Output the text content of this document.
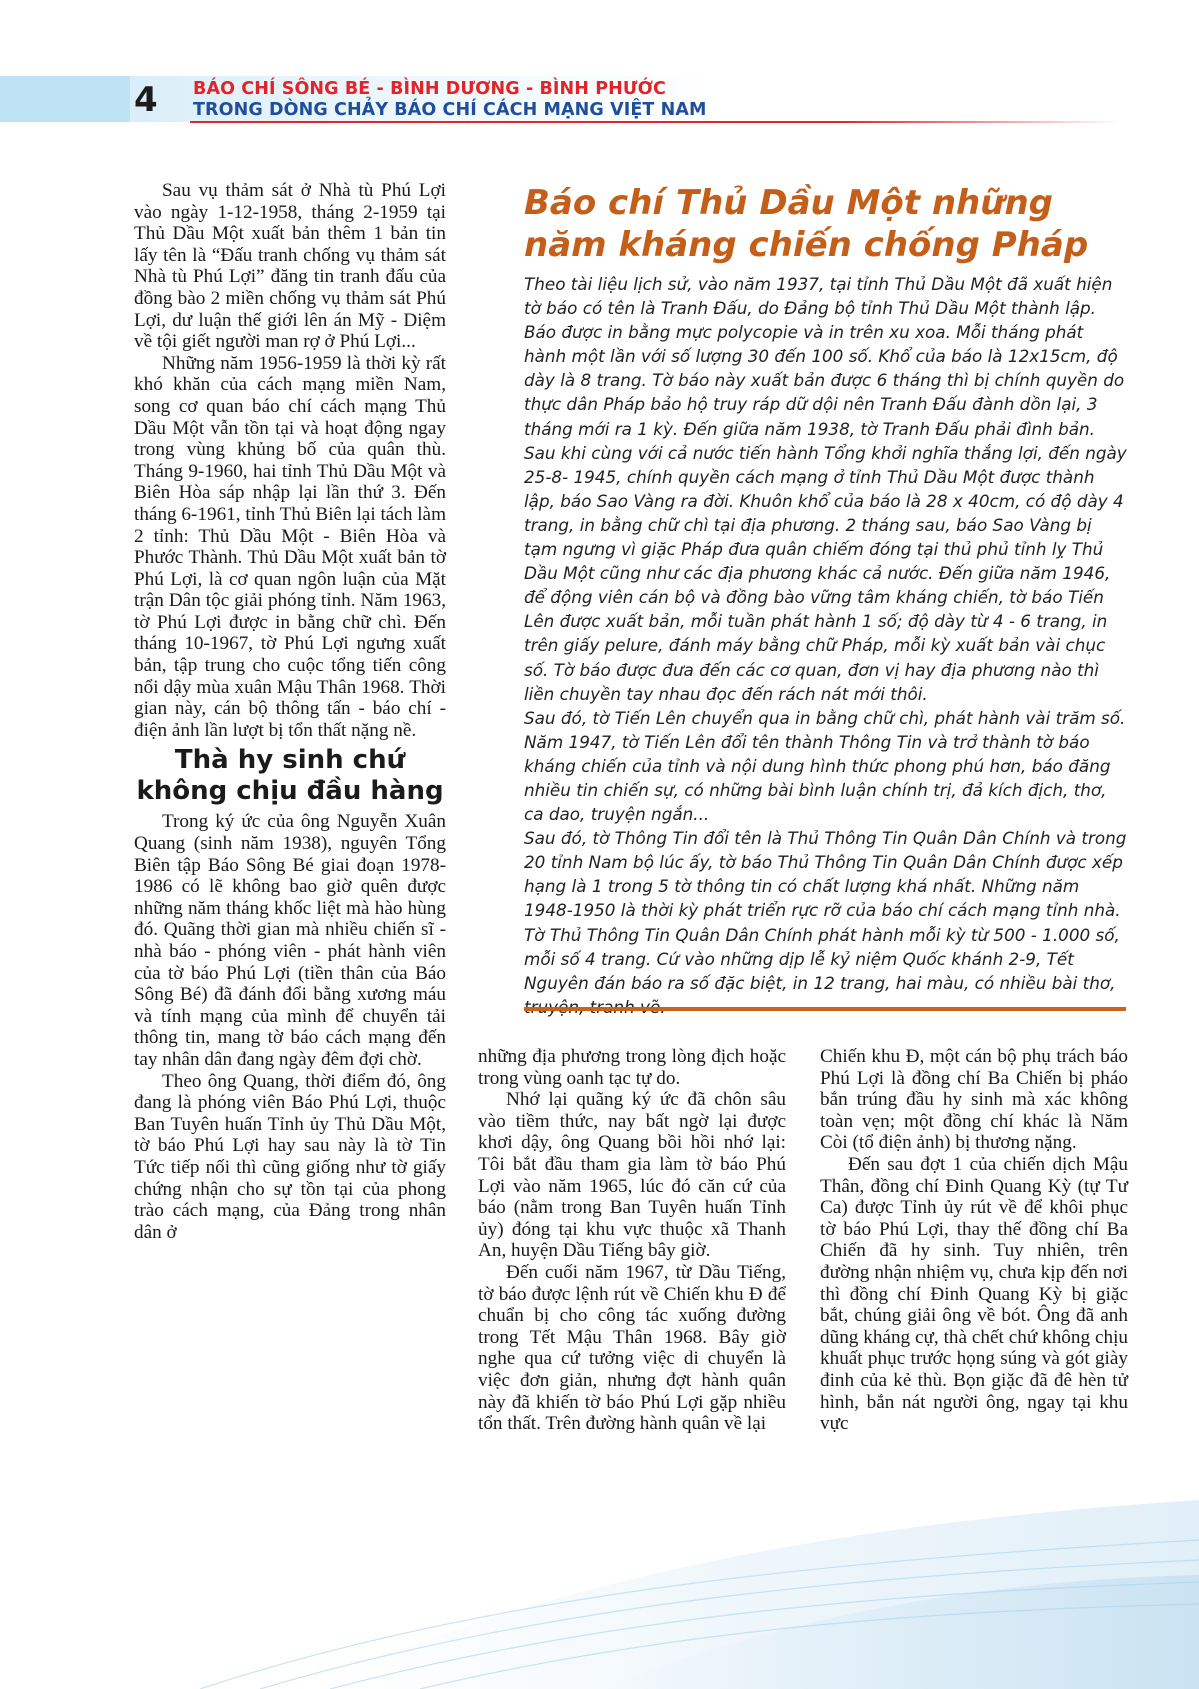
4	BÁO CHÍ SÔNG BÉ - BÌNH DƯƠNG - BÌNH PHƯỚC
TRONG DÒNG CHẢY BÁO CHÍ CÁCH MẠNG VIỆT NAM

Sau vụ thảm sát ở Nhà tù Phú Lợi vào ngày 1-12-1958, tháng 2-1959 tại Thủ Dầu Một xuất bản thêm 1 bản tin lấy tên là “Đấu tranh chống vụ thảm sát Nhà tù Phú Lợi” đăng tin tranh đấu của đồng bào 2 miền chống vụ thảm sát Phú Lợi, dư luận thế giới lên án Mỹ - Diệm về tội giết người man rợ ở Phú Lợi...

Những năm 1956-1959 là thời kỳ rất khó khăn của cách mạng miền Nam, song cơ quan báo chí cách mạng Thủ Dầu Một vẫn tồn tại và hoạt động ngay trong vùng khủng bố của quân thù. Tháng 9-1960, hai tỉnh Thủ Dầu Một và Biên Hòa sáp nhập lại lần thứ 3. Đến tháng 6-1961, tỉnh Thủ Biên lại tách làm 2 tỉnh: Thủ Dầu Một - Biên Hòa và Phước Thành. Thủ Dầu Một xuất bản tờ Phú Lợi, là cơ quan ngôn luận của Mặt trận Dân tộc giải phóng tỉnh. Năm 1963, tờ Phú Lợi được in bằng chữ chì. Đến tháng 10-1967, tờ Phú Lợi ngưng xuất bản, tập trung cho cuộc tổng tiến công nổi dậy mùa xuân Mậu Thân 1968. Thời gian này, cán bộ thông tấn - báo chí - điện ảnh lần lượt bị tổn thất nặng nề.

Thà hy sinh chứ không chịu đầu hàng

Trong ký ức của ông Nguyễn Xuân Quang (sinh năm 1938), nguyên Tổng Biên tập Báo Sông Bé giai đoạn 1978-1986 có lẽ không bao giờ quên được những năm tháng khốc liệt mà hào hùng đó. Quãng thời gian mà nhiều chiến sĩ - nhà báo - phóng viên - phát hành viên của tờ báo Phú Lợi (tiền thân của Báo Sông Bé) đã đánh đổi bằng xương máu và tính mạng của mình để chuyển tải thông tin, mang tờ báo cách mạng đến tay nhân dân đang ngày đêm đợi chờ.

Theo ông Quang, thời điểm đó, ông đang là phóng viên Báo Phú Lợi, thuộc Ban Tuyên huấn Tỉnh ủy Thủ Dầu Một, tờ báo Phú Lợi hay sau này là tờ Tin Tức tiếp nối thì cũng giống như tờ giấy chứng nhận cho sự tồn tại của phong trào cách mạng, của Đảng trong nhân dân ở

Báo chí Thủ Dầu Một những năm kháng chiến chống Pháp

Theo tài liệu lịch sử, vào năm 1937, tại tỉnh Thủ Dầu Một đã xuất hiện tờ báo có tên là Tranh Đấu, do Đảng bộ tỉnh Thủ Dầu Một thành lập. Báo được in bằng mực polycopie và in trên xu xoa. Mỗi tháng phát hành một lần với số lượng 30 đến 100 số. Khổ của báo là 12x15cm, độ dày là 8 trang. Tờ báo này xuất bản được 6 tháng thì bị chính quyền do thực dân Pháp bảo hộ truy ráp dữ dội nên Tranh Đấu đành dồn lại, 3 tháng mới ra 1 kỳ. Đến giữa năm 1938, tờ Tranh Đấu phải đình bản.

Sau khi cùng với cả nước tiến hành Tổng khởi nghĩa thắng lợi, đến ngày 25-8- 1945, chính quyền cách mạng ở tỉnh Thủ Dầu Một được thành lập, báo Sao Vàng ra đời. Khuôn khổ của báo là 28 x 40cm, có độ dày 4 trang, in bằng chữ chì tại địa phương. 2 tháng sau, báo Sao Vàng bị tạm ngưng vì giặc Pháp đưa quân chiếm đóng tại thủ phủ tỉnh lỵ Thủ Dầu Một cũng như các địa phương khác cả nước. Đến giữa năm 1946, để động viên cán bộ và đồng bào vững tâm kháng chiến, tờ báo Tiến Lên được xuất bản, mỗi tuần phát hành 1 số; độ dày từ 4 - 6 trang, in trên giấy pelure, đánh máy bằng chữ Pháp, mỗi kỳ xuất bản vài chục số. Tờ báo được đưa đến các cơ quan, đơn vị hay địa phương nào thì liền chuyền tay nhau đọc đến rách nát mới thôi.

Sau đó, tờ Tiến Lên chuyển qua in bằng chữ chì, phát hành vài trăm số. Năm 1947, tờ Tiến Lên đổi tên thành Thông Tin và trở thành tờ báo kháng chiến của tỉnh và nội dung hình thức phong phú hơn, báo đăng nhiều tin chiến sự, có những bài bình luận chính trị, đả kích địch, thơ, ca dao, truyện ngắn...

Sau đó, tờ Thông Tin đổi tên là Thủ Thông Tin Quân Dân Chính và trong 20 tỉnh Nam bộ lúc ấy, tờ báo Thủ Thông Tin Quân Dân Chính được xếp hạng là 1 trong 5 tờ thông tin có chất lượng khá nhất. Những năm 1948-1950 là thời kỳ phát triển rực rỡ của báo chí cách mạng tỉnh nhà. Tờ Thủ Thông Tin Quân Dân Chính phát hành mỗi kỳ từ 500 - 1.000 số, mỗi số 4 trang. Cứ vào những dịp lễ kỷ niệm Quốc khánh 2-9, Tết Nguyên đán báo ra số đặc biệt, in 12 trang, hai màu, có nhiều bài thơ,

những địa phương trong lòng địch hoặc trong vùng oanh tạc tự do.

Nhớ lại quãng ký ức đã chôn sâu vào tiềm thức, nay bất ngờ lại được khơi dậy, ông Quang bồi hồi nhớ lại: Tôi bắt đầu tham gia làm tờ báo Phú Lợi vào năm 1965, lúc đó căn cứ của báo (nằm trong Ban Tuyên huấn Tỉnh ủy) đóng tại khu vực thuộc xã Thanh An, huyện Dầu Tiếng bây giờ.

Đến cuối năm 1967, từ Dầu Tiếng, tờ báo được lệnh rút về Chiến khu Đ để chuẩn bị cho công tác xuống đường trong Tết Mậu Thân 1968. Bây giờ nghe qua cứ tưởng việc di chuyển là việc đơn giản, nhưng đợt hành quân này đã khiến tờ báo Phú Lợi gặp nhiều tổn thất. Trên đường hành quân về lại

Chiến khu Đ, một cán bộ phụ trách báo Phú Lợi là đồng chí Ba Chiến bị pháo bắn trúng đầu hy sinh mà xác không toàn vẹn; một đồng chí khác là Năm Còi (tổ điện ảnh) bị thương nặng.

Đến sau đợt 1 của chiến dịch Mậu Thân, đồng chí Đinh Quang Kỳ (tự Tư Ca) được Tỉnh ủy rút về để khôi phục tờ báo Phú Lợi, thay thế đồng chí Ba Chiến đã hy sinh. Tuy nhiên, trên đường nhận nhiệm vụ, chưa kịp đến nơi thì đồng chí Đinh Quang Kỳ bị giặc bắt, chúng giải ông về bót. Ông đã anh dũng kháng cự, thà chết chứ không chịu khuất phục trước họng súng và gót giày đinh của kẻ thù. Bọn giặc đã đê hèn tử hình, bắn nát người ông, ngay tại khu vực
